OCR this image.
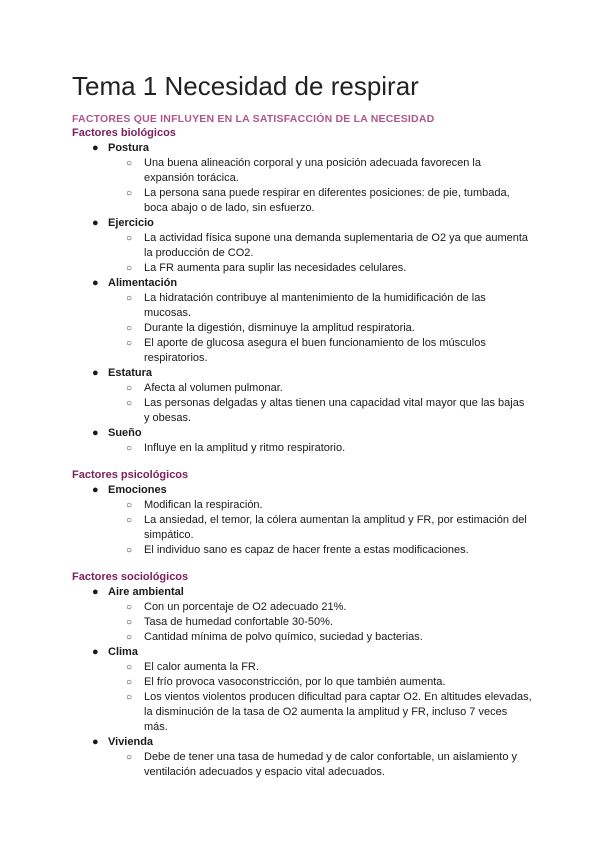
Tema 1 Necesidad de respirar
FACTORES QUE INFLUYEN EN LA SATISFACCIÓN DE LA NECESIDAD
Factores biológicos
● Postura
○ Una buena alineación corporal y una posición adecuada favorecen la expansión torácica.
○ La persona sana puede respirar en diferentes posiciones: de pie, tumbada, boca abajo o de lado, sin esfuerzo.
● Ejercicio
○ La actividad física supone una demanda suplementaria de O2 ya que aumenta la producción de CO2.
○ La FR aumenta para suplir las necesidades celulares.
● Alimentación
○ La hidratación contribuye al mantenimiento de la humidificación de las mucosas.
○ Durante la digestión, disminuye la amplitud respiratoria.
○ El aporte de glucosa asegura el buen funcionamiento de los músculos respiratorios.
● Estatura
○ Afecta al volumen pulmonar.
○ Las personas delgadas y altas tienen una capacidad vital mayor que las bajas y obesas.
● Sueño
○ Influye en la amplitud y ritmo respiratorio.
Factores psicológicos
● Emociones
○ Modifican la respiración.
○ La ansiedad, el temor, la cólera aumentan la amplitud y FR, por estimación del simpático.
○ El individuo sano es capaz de hacer frente a estas modificaciones.
Factores sociológicos
● Aire ambiental
○ Con un porcentaje de O2 adecuado 21%.
○ Tasa de humedad confortable 30-50%.
○ Cantidad mínima de polvo químico, suciedad y bacterias.
● Clima
○ El calor aumenta la FR.
○ El frío provoca vasoconstricción, por lo que también aumenta.
○ Los vientos violentos producen dificultad para captar O2. En altitudes elevadas, la disminución de la tasa de O2 aumenta la amplitud y FR, incluso 7 veces más.
● Vivienda
○ Debe de tener una tasa de humedad y de calor confortable, un aislamiento y ventilación adecuados y espacio vital adecuados.
